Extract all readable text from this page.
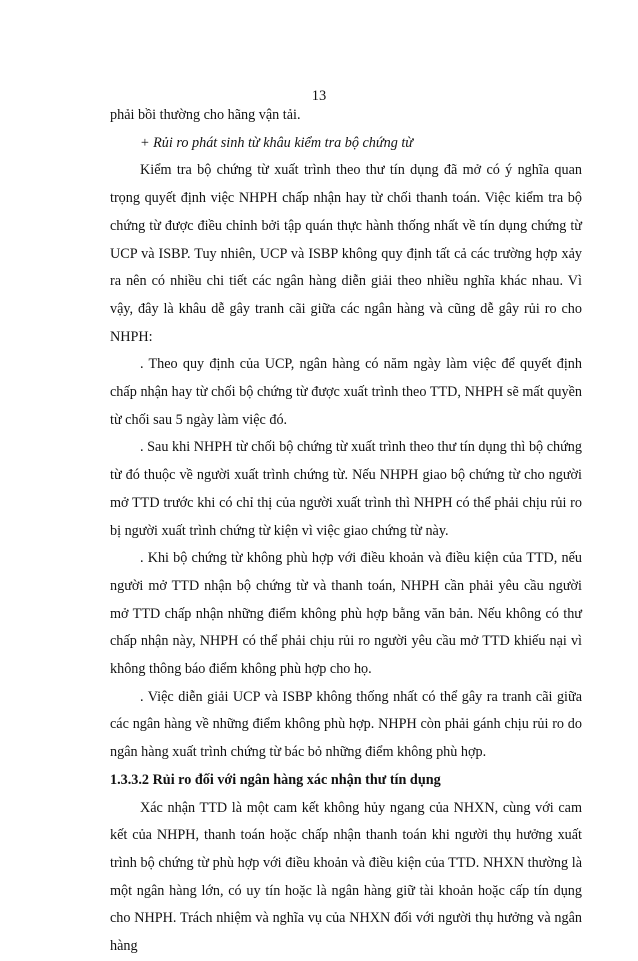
13

phải bồi thường cho hãng vận tải.

+ Rủi ro phát sinh từ khâu kiểm tra bộ chứng từ

Kiểm tra bộ chứng từ xuất trình theo thư tín dụng đã mở có ý nghĩa quan trọng quyết định việc NHPH chấp nhận hay từ chối thanh toán. Việc kiểm tra bộ chứng từ được điều chỉnh bởi tập quán thực hành thống nhất về tín dụng chứng từ UCP và ISBP. Tuy nhiên, UCP và ISBP không quy định tất cả các trường hợp xảy ra nên có nhiều chi tiết các ngân hàng diễn giải theo nhiều nghĩa khác nhau. Vì vậy, đây là khâu dễ gây tranh cãi giữa các ngân hàng và cũng dễ gây rủi ro cho NHPH:

. Theo quy định của UCP, ngân hàng có năm ngày làm việc để quyết định chấp nhận hay từ chối bộ chứng từ được xuất trình theo TTD, NHPH sẽ mất quyền từ chối sau 5 ngày làm việc đó.

. Sau khi NHPH từ chối bộ chứng từ xuất trình theo thư tín dụng thì bộ chứng từ đó thuộc về người xuất trình chứng từ. Nếu NHPH giao bộ chứng từ cho người mở TTD trước khi có chỉ thị của người xuất trình thì NHPH có thể phải chịu rủi ro bị người xuất trình chứng từ kiện vì việc giao chứng từ này.

. Khi bộ chứng từ không phù hợp với điều khoản và điều kiện của TTD, nếu người mở TTD nhận bộ chứng từ và thanh toán, NHPH cần phải yêu cầu người mở TTD chấp nhận những điểm không phù hợp bằng văn bản. Nếu không có thư chấp nhận này, NHPH có thể phải chịu rủi ro người yêu cầu mở TTD khiếu nại vì không thông báo điểm không phù hợp cho họ.

. Việc diễn giải UCP và ISBP không thống nhất có thể gây ra tranh cãi giữa các ngân hàng về những điểm không phù hợp. NHPH còn phải gánh chịu rủi ro do ngân hàng xuất trình chứng từ bác bỏ những điểm không phù hợp.

1.3.3.2 Rủi ro đối với ngân hàng xác nhận thư tín dụng

Xác nhận TTD là một cam kết không hủy ngang của NHXN, cùng với cam kết của NHPH, thanh toán hoặc chấp nhận thanh toán khi người thụ hưởng xuất trình bộ chứng từ phù hợp với điều khoản và điều kiện của TTD. NHXN thường là một ngân hàng lớn, có uy tín hoặc là ngân hàng giữ tài khoản hoặc cấp tín dụng cho NHPH. Trách nhiệm và nghĩa vụ của NHXN đối với người thụ hưởng và ngân hàng
